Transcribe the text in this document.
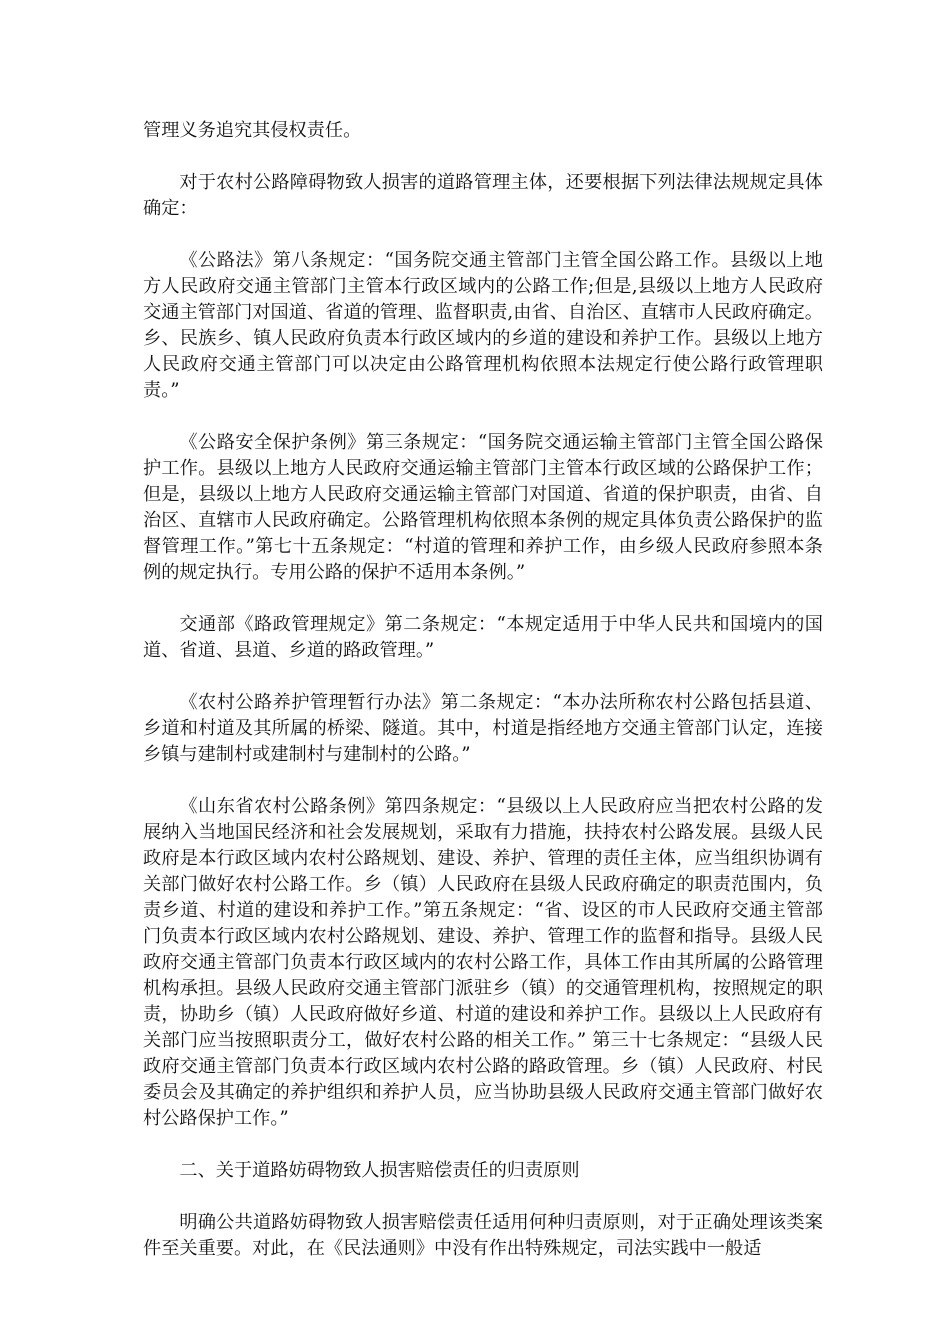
管理义务追究其侵权责任。

对于农村公路障碍物致人损害的道路管理主体，还要根据下列法律法规规定具体确定：

《公路法》第八条规定：“国务院交通主管部门主管全国公路工作。县级以上地方人民政府交通主管部门主管本行政区域内的公路工作;但是,县级以上地方人民政府交通主管部门对国道、省道的管理、监督职责,由省、自治区、直辖市人民政府确定。乡、民族乡、镇人民政府负责本行政区域内的乡道的建设和养护工作。县级以上地方人民政府交通主管部门可以决定由公路管理机构依照本法规定行使公路行政管理职责。”

《公路安全保护条例》第三条规定：“国务院交通运输主管部门主管全国公路保护工作。县级以上地方人民政府交通运输主管部门主管本行政区域的公路保护工作；但是，县级以上地方人民政府交通运输主管部门对国道、省道的保护职责，由省、自治区、直辖市人民政府确定。公路管理机构依照本条例的规定具体负责公路保护的监督管理工作。”第七十五条规定：“村道的管理和养护工作，由乡级人民政府参照本条例的规定执行。专用公路的保护不适用本条例。”

交通部《路政管理规定》第二条规定：“本规定适用于中华人民共和国境内的国道、省道、县道、乡道的路政管理。”

《农村公路养护管理暂行办法》第二条规定：“本办法所称农村公路包括县道、乡道和村道及其所属的桥梁、隧道。其中，村道是指经地方交通主管部门认定，连接乡镇与建制村或建制村与建制村的公路。”

《山东省农村公路条例》第四条规定：“县级以上人民政府应当把农村公路的发展纳入当地国民经济和社会发展规划，采取有力措施，扶持农村公路发展。县级人民政府是本行政区域内农村公路规划、建设、养护、管理的责任主体，应当组织协调有关部门做好农村公路工作。乡（镇）人民政府在县级人民政府确定的职责范围内，负责乡道、村道的建设和养护工作。”第五条规定：“省、设区的市人民政府交通主管部门负责本行政区域内农村公路规划、建设、养护、管理工作的监督和指导。县级人民政府交通主管部门负责本行政区域内的农村公路工作，具体工作由其所属的公路管理机构承担。县级人民政府交通主管部门派驻乡（镇）的交通管理机构，按照规定的职责，协助乡（镇）人民政府做好乡道、村道的建设和养护工作。县级以上人民政府有关部门应当按照职责分工，做好农村公路的相关工作。” 第三十七条规定：“县级人民政府交通主管部门负责本行政区域内农村公路的路政管理。乡（镇）人民政府、村民委员会及其确定的养护组织和养护人员，应当协助县级人民政府交通主管部门做好农村公路保护工作。”

二、关于道路妨碍物致人损害赔偿责任的归责原则

明确公共道路妨碍物致人损害赔偿责任适用何种归责原则，对于正确处理该类案件至关重要。对此，在《民法通则》中没有作出特殊规定，司法实践中一般适
